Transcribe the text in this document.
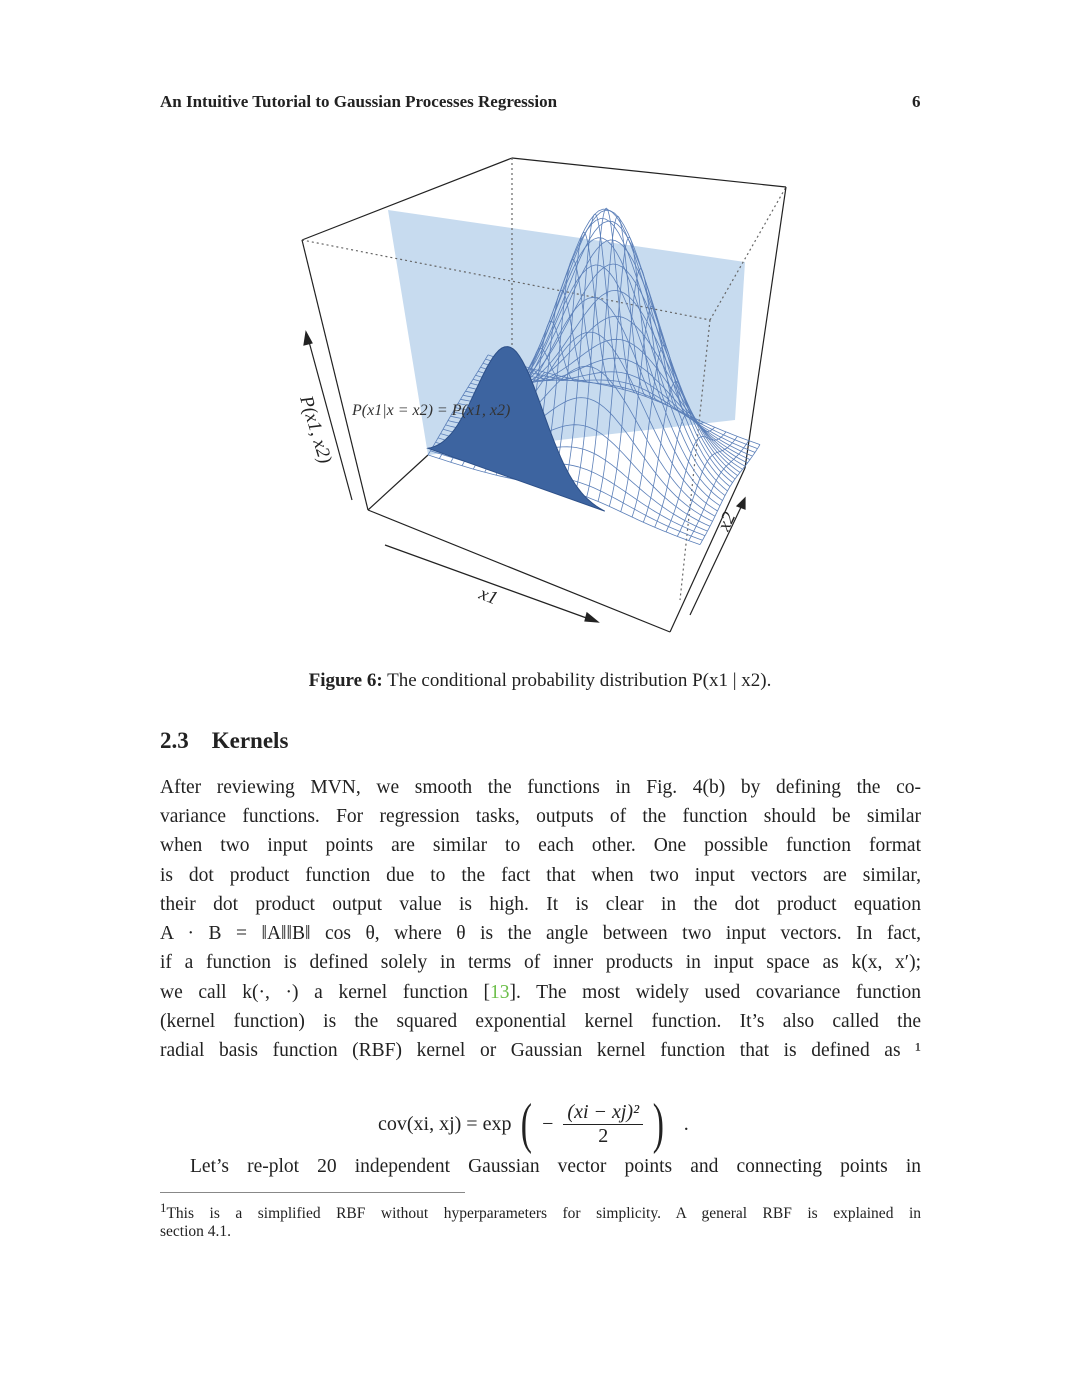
An Intuitive Tutorial to Gaussian Processes Regression	6
P(x1, x2)
x1
x2
P(x1|x = x2) = P(x1, x2)
Figure 6: The conditional probability distribution P(x1 | x2).
2.3 Kernels
After reviewing MVN, we smooth the functions in Fig. 4(b) by defining the co-
variance functions. For regression tasks, outputs of the function should be similar
when two input points are similar to each other. One possible function format
is dot product function due to the fact that when two input vectors are similar,
their dot product output value is high. It is clear in the dot product equation
A · B = ‖A‖‖B‖ cos θ, where θ is the angle between two input vectors. In fact,
if a function is defined solely in terms of inner products in input space as k(x, x′);
we call k(·, ·) a kernel function [13]. The most widely used covariance function
(kernel function) is the squared exponential kernel function. It’s also called the
radial basis function (RBF) kernel or Gaussian kernel function that is defined as ¹
cov(xi, xj) = exp ( − $\frac{\text{(xi − xj)²}}{2}$ ) .
Let’s re-plot 20 independent Gaussian vector points and connecting points in
$^1$This is a simplified RBF without hyperparameters for simplicity. A general RBF is explained in
section 4.1.
